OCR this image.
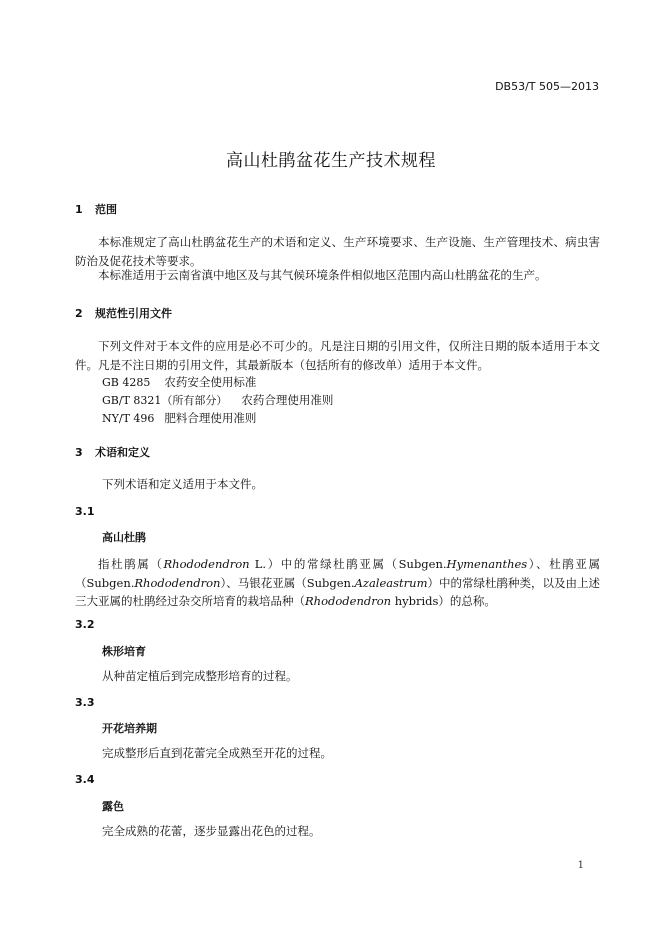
DB53/T 505—2013
高山杜鹃盆花生产技术规程
1 范围
本标准规定了高山杜鹃盆花生产的术语和定义、生产环境要求、生产设施、生产管理技术、病虫害防治及促花技术等要求。
本标准适用于云南省滇中地区及与其气候环境条件相似地区范围内高山杜鹃盆花的生产。
2 规范性引用文件
下列文件对于本文件的应用是必不可少的。凡是注日期的引用文件，仅所注日期的版本适用于本文件。凡是不注日期的引用文件，其最新版本（包括所有的修改单）适用于本文件。
GB 4285 农药安全使用标准
GB/T 8321（所有部分） 农药合理使用准则
NY/T 496 肥料合理使用准则
3 术语和定义
下列术语和定义适用于本文件。
3.1
高山杜鹃
指杜鹃属（Rhododendron L.）中的常绿杜鹃亚属（Subgen.Hymenanthes）、杜鹃亚属（Subgen.Rhododendron）、马银花亚属（Subgen.Azaleastrum）中的常绿杜鹃种类，以及由上述三大亚属的杜鹃经过杂交所培育的栽培品种（Rhododendron hybrids）的总称。
3.2
株形培育
从种苗定植后到完成整形培育的过程。
3.3
开花培养期
完成整形后直到花蕾完全成熟至开花的过程。
3.4
露色
完全成熟的花蕾，逐步显露出花色的过程。
1
